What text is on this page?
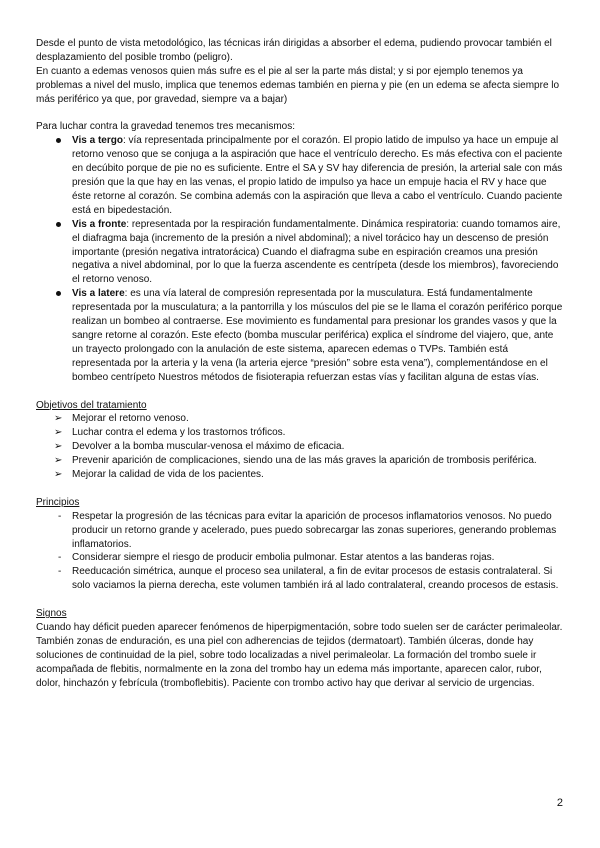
Desde el punto de vista metodológico, las técnicas irán dirigidas a absorber el edema, pudiendo provocar también el desplazamiento del posible trombo (peligro).

En cuanto a edemas venosos quien más sufre es el pie al ser la parte más distal; y si por ejemplo tenemos ya problemas a nivel del muslo, implica que tenemos edemas también en pierna y pie (en un edema se afecta siempre lo más periférico ya que, por gravedad, siempre va a bajar)

Para luchar contra la gravedad tenemos tres mecanismos:

Vis a tergo: vía representada principalmente por el corazón. El propio latido de impulso ya hace un empuje al retorno venoso que se conjuga a la aspiración que hace el ventrículo derecho. Es más efectiva con el paciente en decúbito porque de pie no es suficiente. Entre el SA y SV hay diferencia de presión, la arterial sale con más presión que la que hay en las venas, el propio latido de impulso ya hace un empuje hacia el RV y hace que éste retorne al corazón. Se combina además con la aspiración que lleva a cabo el ventrículo. Cuando paciente está en bipedestación.
Vis a fronte: representada por la respiración fundamentalmente. Dinámica respiratoria: cuando tomamos aire, el diafragma baja (incremento de la presión a nivel abdominal); a nivel torácico hay un descenso de presión importante (presión negativa intratorácica) Cuando el diafragma sube en espiración creamos una presión negativa a nivel abdominal, por lo que la fuerza ascendente es centrípeta (desde los miembros), favoreciendo el retorno venoso.
Vis a latere: es una vía lateral de compresión representada por la musculatura. Está fundamentalmente representada por la musculatura; a la pantorrilla y los músculos del pie se le llama el corazón periférico porque realizan un bombeo al contraerse. Ese movimiento es fundamental para presionar los grandes vasos y que la sangre retorne al corazón. Este efecto (bomba muscular periférica) explica el síndrome del viajero, que, ante un trayecto prolongado con la anulación de este sistema, aparecen edemas o TVPs. También está representada por la arteria y la vena (la arteria ejerce “presión” sobre esta vena”), complementándose en el bombeo centrípeto Nuestros métodos de fisioterapia refuerzan estas vías y facilitan alguna de estas vías.

Objetivos del tratamiento

➢ Mejorar el retorno venoso.
➢ Luchar contra el edema y los trastornos tróficos.
➢ Devolver a la bomba muscular-venosa el máximo de eficacia.
➢ Prevenir aparición de complicaciones, siendo una de las más graves la aparición de trombosis periférica.
➢ Mejorar la calidad de vida de los pacientes.

Principios

- Respetar la progresión de las técnicas para evitar la aparición de procesos inflamatorios venosos. No puedo producir un retorno grande y acelerado, pues puedo sobrecargar las zonas superiores, generando problemas inflamatorios.
- Considerar siempre el riesgo de producir embolia pulmonar. Estar atentos a las banderas rojas.
- Reeducación simétrica, aunque el proceso sea unilateral, a fin de evitar procesos de estasis contralateral. Si solo vaciamos la pierna derecha, este volumen también irá al lado contralateral, creando procesos de estasis.

Signos

Cuando hay déficit pueden aparecer fenómenos de hiperpigmentación, sobre todo suelen ser de carácter perimaleolar. También zonas de enduración, es una piel con adherencias de tejidos (dermatoart). También úlceras, donde hay soluciones de continuidad de la piel, sobre todo localizadas a nivel perimaleolar. La formación del trombo suele ir acompañada de flebitis, normalmente en la zona del trombo hay un edema más importante, aparecen calor, rubor, dolor, hinchazón y febrícula (tromboflebitis). Paciente con trombo activo hay que derivar al servicio de urgencias.

2
